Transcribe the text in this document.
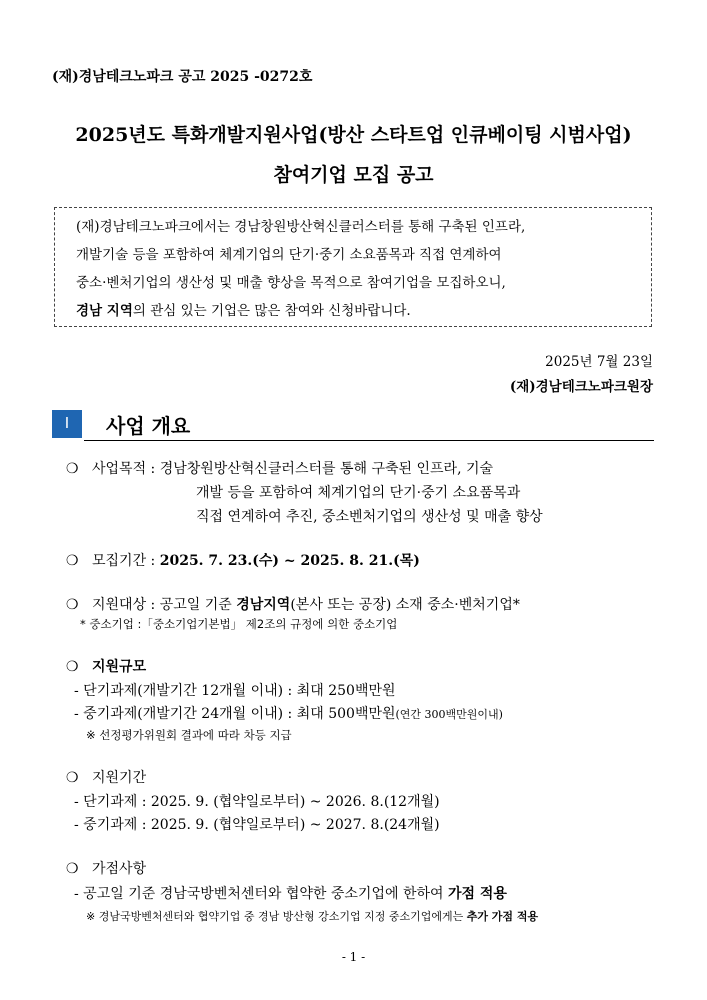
(재)경남테크노파크 공고 2025 -0272호
2025년도 특화개발지원사업(방산 스타트업 인큐베이팅 시범사업)
참여기업 모집 공고
(재)경남테크노파크에서는 경남창원방산혁신클러스터를 통해 구축된 인프라,
개발기술 등을 포함하여 체계기업의 단기·중기 소요품목과 직접 연계하여
중소·벤처기업의 생산성 및 매출 향상을 목적으로 참여기업을 모집하오니,
경남 지역의 관심 있는 기업은 많은 참여와 신청바랍니다.
2025년 7월 23일
(재)경남테크노파크원장
Ⅰ	사업 개요
❍ 사업목적 : 경남창원방산혁신클러스터를 통해 구축된 인프라, 기술
개발 등을 포함하여 체계기업의 단기·중기 소요품목과
직접 연계하여 추진, 중소벤처기업의 생산성 및 매출 향상
❍ 모집기간 : 2025. 7. 23.(수) ~ 2025. 8. 21.(목)
❍ 지원대상 : 공고일 기준 경남지역(본사 또는 공장) 소재 중소·벤처기업*
* 중소기업 :「중소기업기본법」 제2조의 규정에 의한 중소기업
❍ 지원규모
- 단기과제(개발기간 12개월 이내) : 최대 250백만원
- 중기과제(개발기간 24개월 이내) : 최대 500백만원(연간 300백만원이내)
※ 선정평가위원회 결과에 따라 차등 지급
❍ 지원기간
- 단기과제 : 2025. 9. (협약일로부터) ~ 2026. 8.(12개월)
- 중기과제 : 2025. 9. (협약일로부터) ~ 2027. 8.(24개월)
❍ 가점사항
- 공고일 기준 경남국방벤처센터와 협약한 중소기업에 한하여 가점 적용
※ 경남국방벤처센터와 협약기업 중 경남 방산형 강소기업 지정 중소기업에게는 추가 가점 적용
- 1 -
